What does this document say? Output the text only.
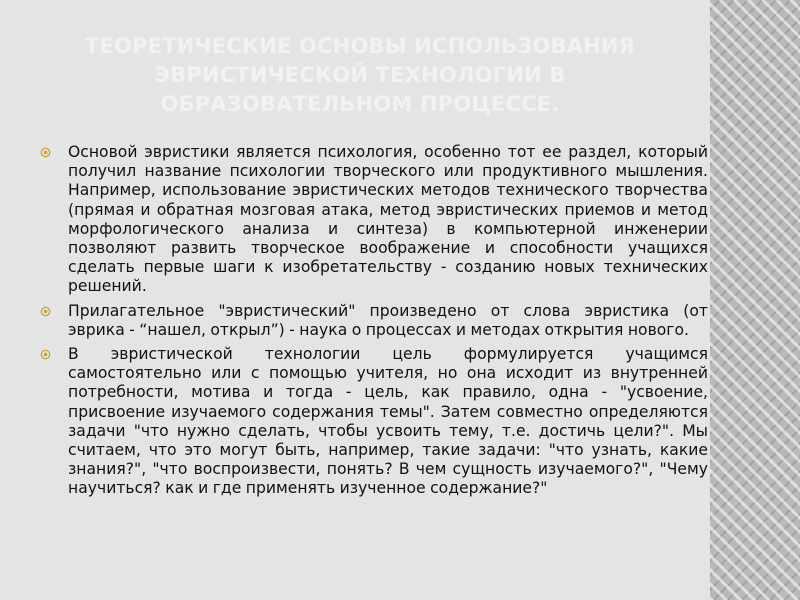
ТЕОРЕТИЧЕСКИЕ ОСНОВЫ ИСПОЛЬЗОВАНИЯ ЭВРИСТИЧЕСКОЙ ТЕХНОЛОГИИ В ОБРАЗОВАТЕЛЬНОМ ПРОЦЕССЕ.
Основой эвристики является психология, особенно тот ее раздел, который получил название психологии творческого или продуктивного мышления. Например, использование эвристических методов технического творчества (прямая и обратная мозговая атака, метод эвристических приемов и метод морфологического анализа и синтеза) в компьютерной инженерии позволяют развить творческое воображение и способности учащихся сделать первые шаги к изобретательству - созданию новых технических решений.
Прилагательное "эвристический" произведено от слова эвристика (от эврика - “нашел, открыл”) - наука о процессах и методах открытия нового.
В эвристической технологии цель формулируется учащимся самостоятельно или с помощью учителя, но она исходит из внутренней потребности, мотива и тогда - цель, как правило, одна - "усвоение, присвоение изучаемого содержания темы". Затем совместно определяются задачи "что нужно сделать, чтобы усвоить тему, т.е. достичь цели?". Мы считаем, что это могут быть, например, такие задачи: "что узнать, какие знания?", "что воспроизвести, понять? В чем сущность изучаемого?", "Чему научиться? как и где применять изученное содержание?"
